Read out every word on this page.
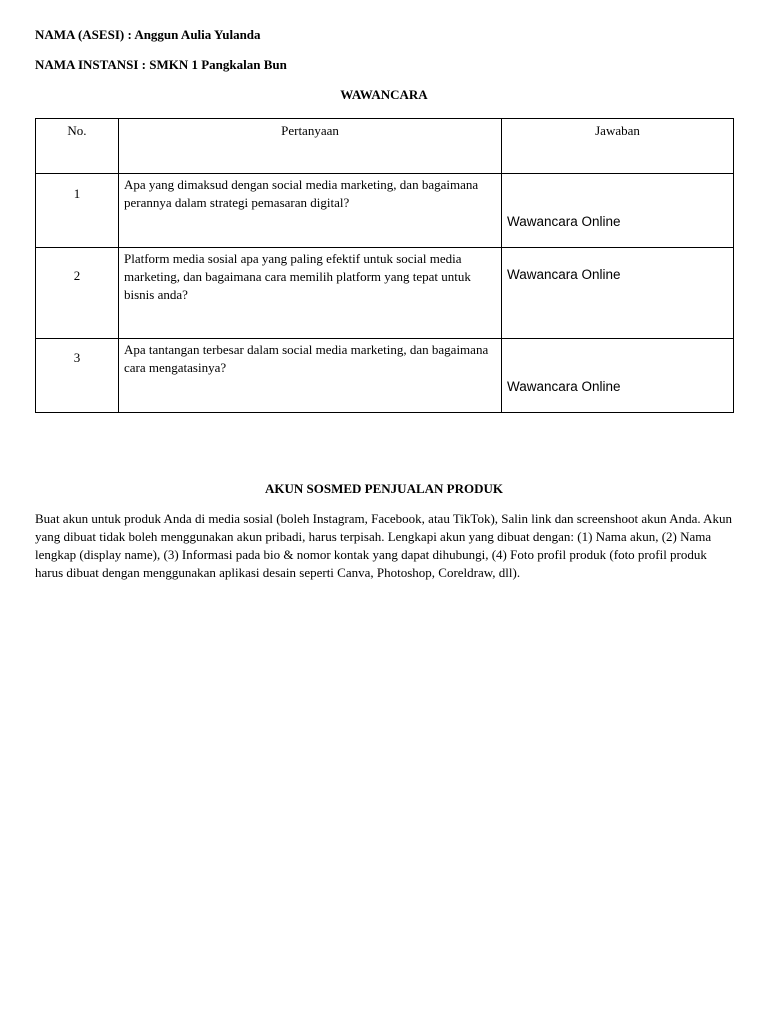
NAMA (ASESI) : Anggun Aulia Yulanda
NAMA INSTANSI : SMKN 1 Pangkalan Bun
WAWANCARA
No.	Pertanyaan	Jawaban

1	Apa yang dimaksud dengan social media marketing, dan bagaimana perannya dalam strategi pemasaran digital?	Wawancara Online

2	Platform media sosial apa yang paling efektif untuk social media marketing, dan bagaimana cara memilih platform yang tepat untuk bisnis anda?	Wawancara Online

3	Apa tantangan terbesar dalam social media marketing, dan bagaimana cara mengatasinya?	Wawancara Online
AKUN SOSMED PENJUALAN PRODUK
Buat akun untuk produk Anda di media sosial (boleh Instagram, Facebook, atau TikTok), Salin link dan screenshoot akun Anda. Akun yang dibuat tidak boleh menggunakan akun pribadi, harus terpisah. Lengkapi akun yang dibuat dengan: (1) Nama akun, (2) Nama lengkap (display name), (3) Informasi pada bio & nomor kontak yang dapat dihubungi, (4) Foto profil produk (foto profil produk harus dibuat dengan menggunakan aplikasi desain seperti Canva, Photoshop, Coreldraw, dll).
